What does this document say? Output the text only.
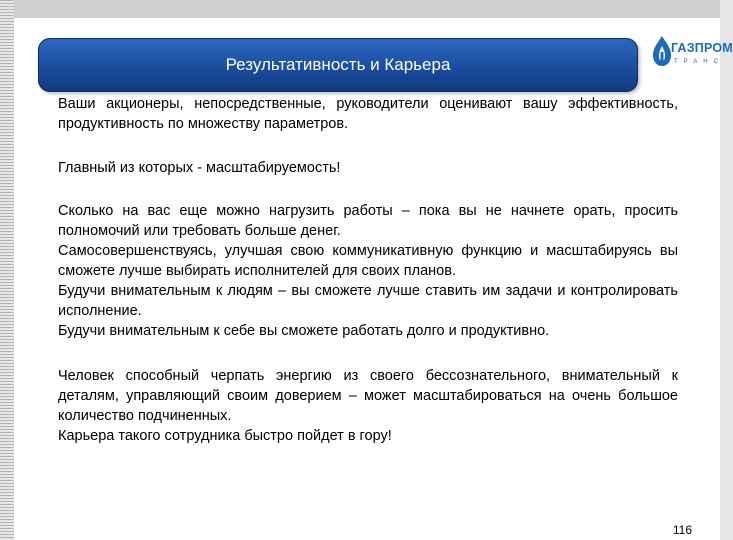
Результативность и Карьера
ГАЗПРОМ
ТРАНС

Ваши акционеры, непосредственные, руководители оценивают вашу эффективность, продуктивность по множеству параметров.

Главный из которых - масштабируемость!

Сколько на вас еще можно нагрузить работы – пока вы не начнете орать, просить полномочий или требовать больше денег.

Самосовершенствуясь, улучшая свою коммуникативную функцию и масштабируясь вы сможете лучше выбирать исполнителей для своих планов.

Будучи внимательным к людям – вы сможете лучше ставить им задачи и контролировать исполнение.

Будучи внимательным к себе вы сможете работать долго и продуктивно.

Человек способный черпать энергию из своего бессознательного, внимательный к деталям, управляющий своим доверием – может масштабироваться на очень большое количество подчиненных.

Карьера такого сотрудника быстро пойдет в гору!

116
